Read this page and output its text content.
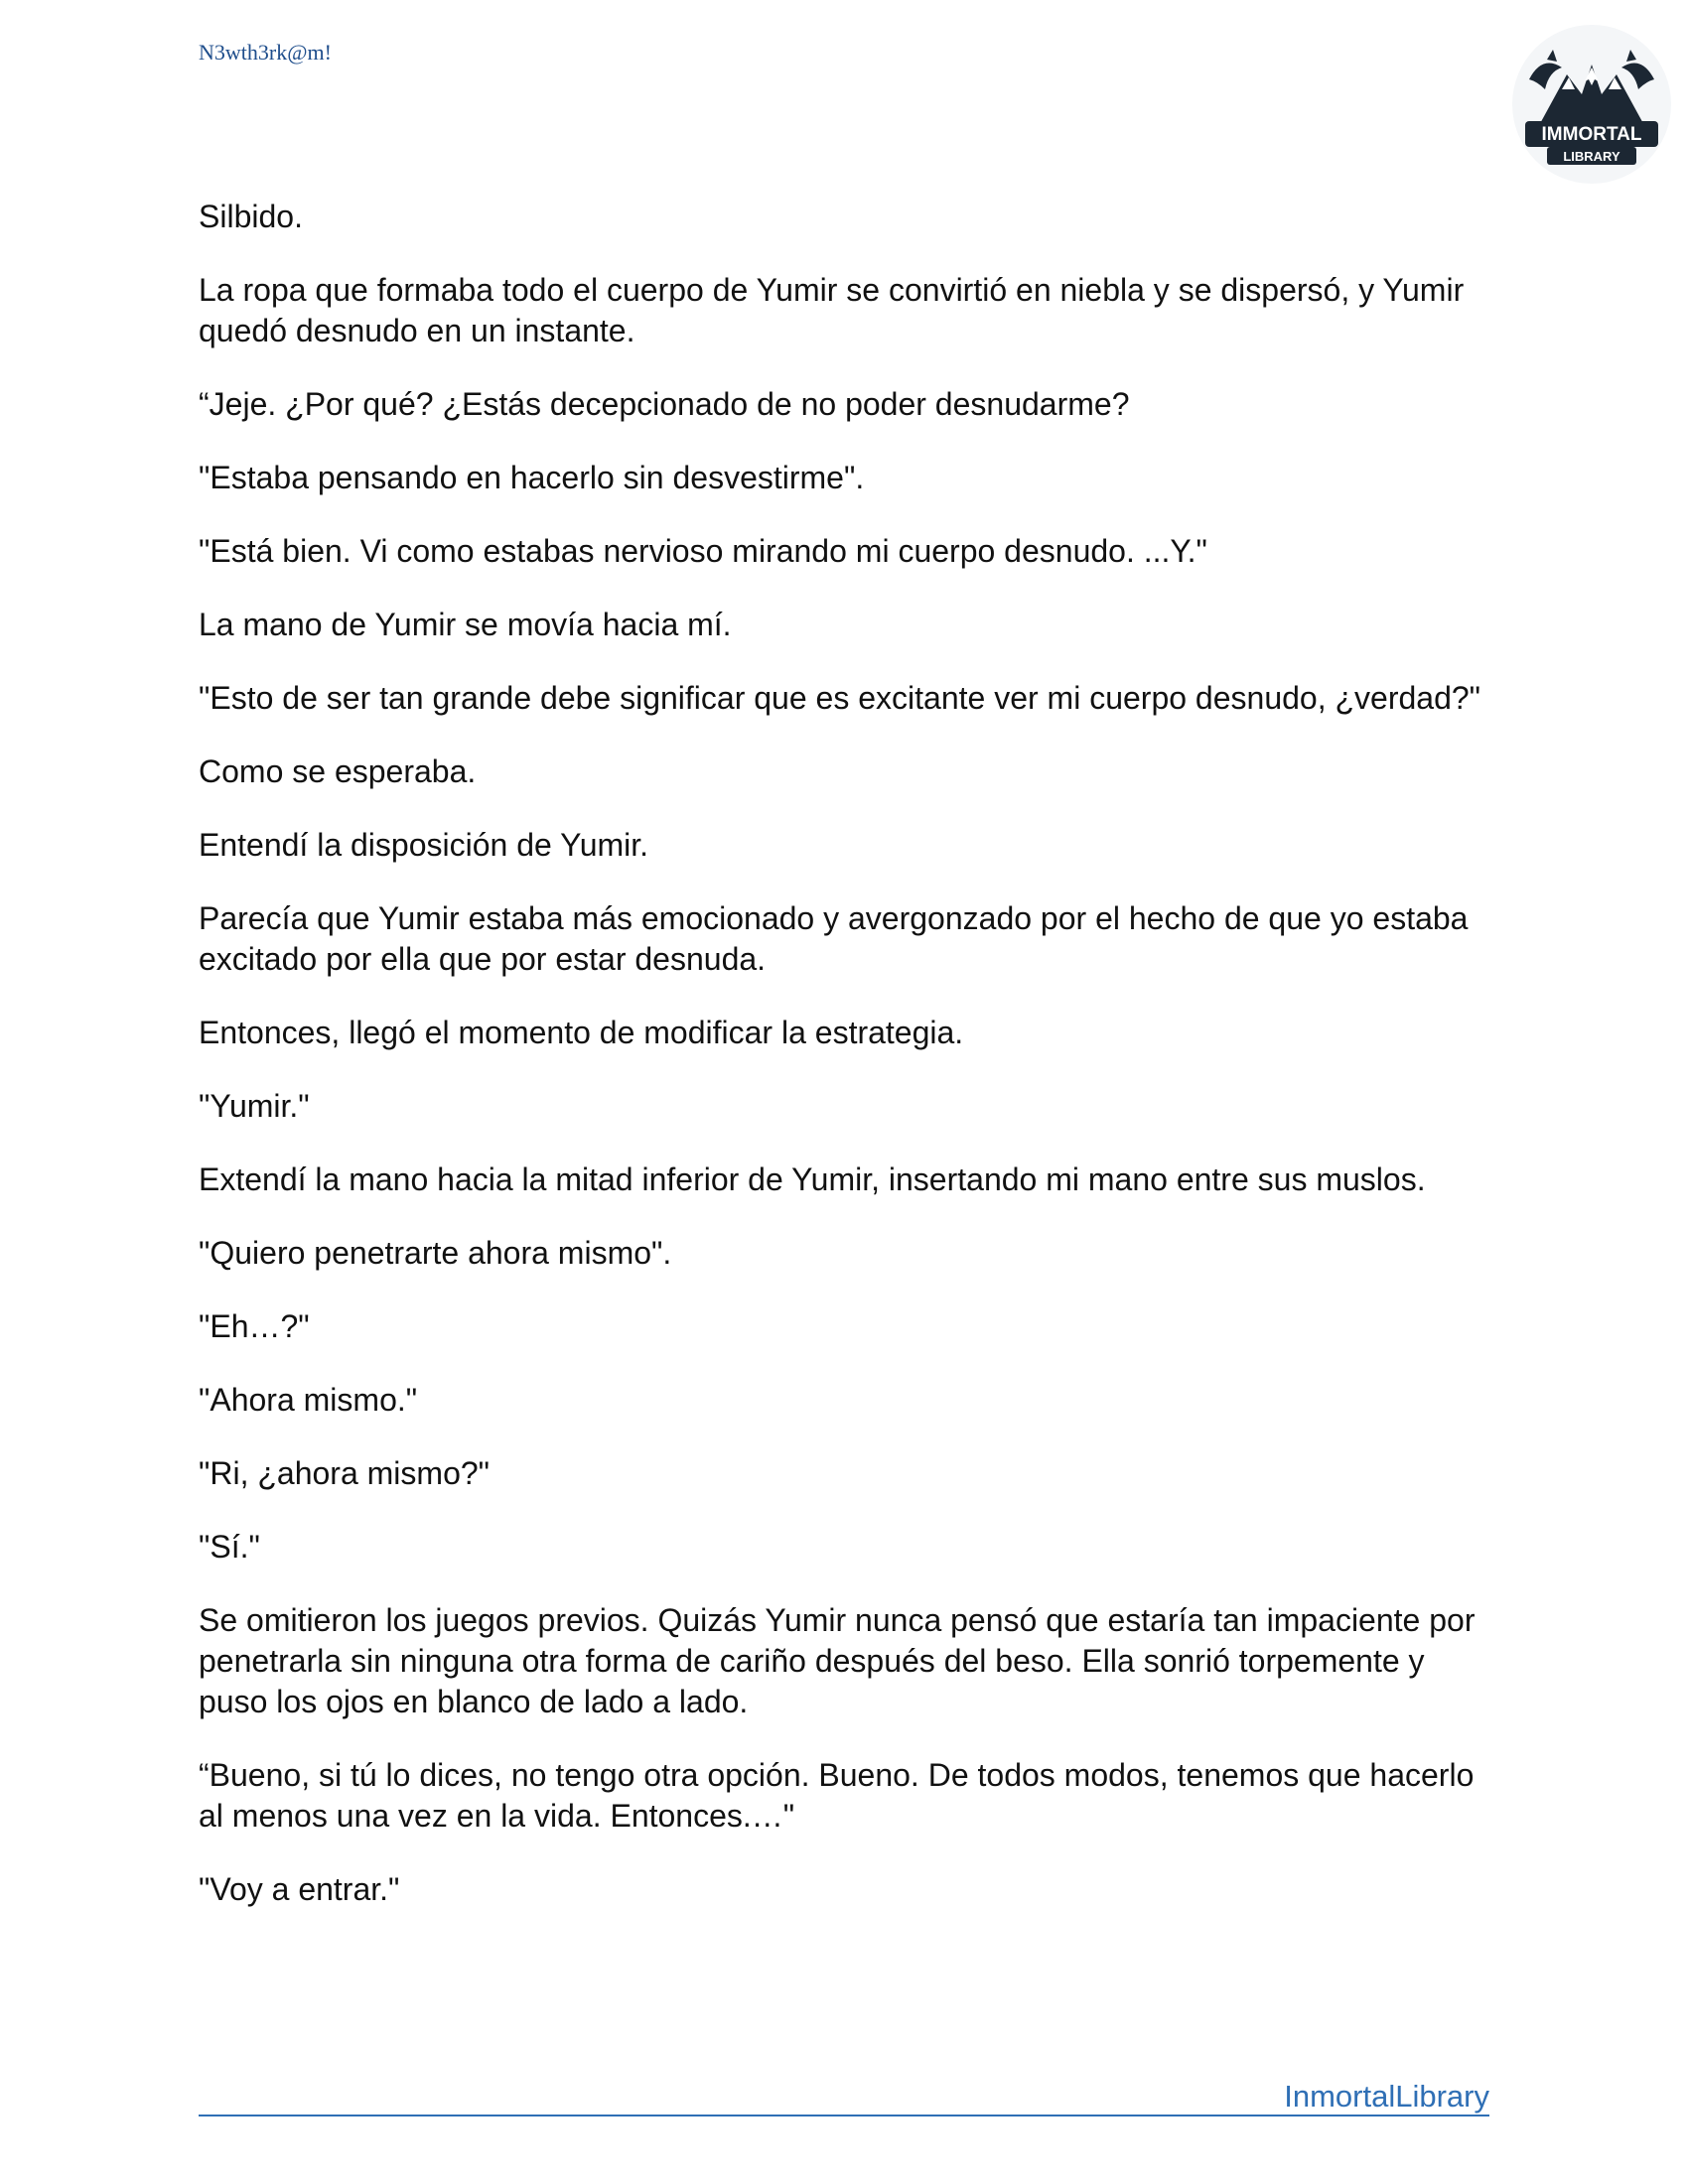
N3wth3rk@m!
IMMORTAL
LIBRARY

Silbido.

La ropa que formaba todo el cuerpo de Yumir se convirtió en niebla y se dispersó, y Yumir quedó desnudo en un instante.

“Jeje. ¿Por qué? ¿Estás decepcionado de no poder desnudarme?

"Estaba pensando en hacerlo sin desvestirme".

"Está bien. Vi como estabas nervioso mirando mi cuerpo desnudo. ...Y."

La mano de Yumir se movía hacia mí.

"Esto de ser tan grande debe significar que es excitante ver mi cuerpo desnudo, ¿verdad?"

Como se esperaba.

Entendí la disposición de Yumir.

Parecía que Yumir estaba más emocionado y avergonzado por el hecho de que yo estaba excitado por ella que por estar desnuda.

Entonces, llegó el momento de modificar la estrategia.

"Yumir."

Extendí la mano hacia la mitad inferior de Yumir, insertando mi mano entre sus muslos.

"Quiero penetrarte ahora mismo".

"Eh…?"

"Ahora mismo."

"Ri, ¿ahora mismo?"

"Sí."

Se omitieron los juegos previos. Quizás Yumir nunca pensó que estaría tan impaciente por penetrarla sin ninguna otra forma de cariño después del beso. Ella sonrió torpemente y puso los ojos en blanco de lado a lado.

“Bueno, si tú lo dices, no tengo otra opción. Bueno. De todos modos, tenemos que hacerlo al menos una vez en la vida. Entonces.…"

"Voy a entrar."

InmortalLibrary
